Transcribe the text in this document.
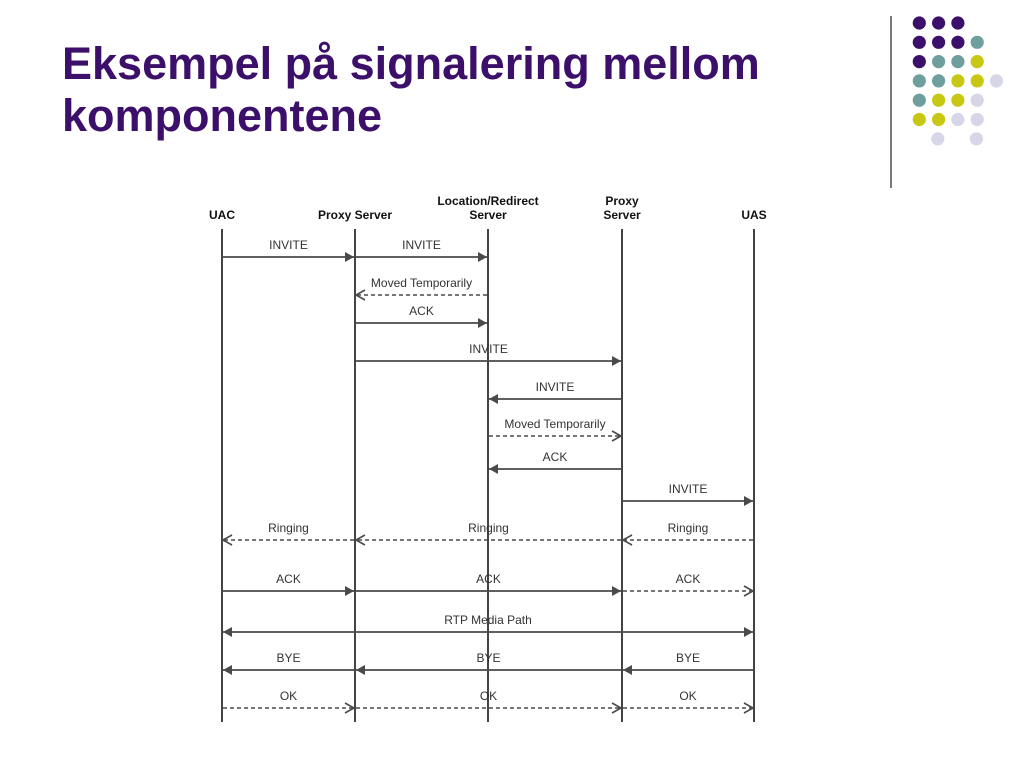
Eksempel på signalering mellom
komponentene
UAC	Proxy Server
Location/Redirect
Server
Proxy
Server	UAS
INVITE	INVITE
Moved Temporarily
ACK
INVITE
INVITE
Moved Temporarily
ACK
INVITE
Ringing	Ringing	Ringing
ACK	ACK	ACK
RTP Media Path
BYE	BYE	BYE
OK	OK	OK
